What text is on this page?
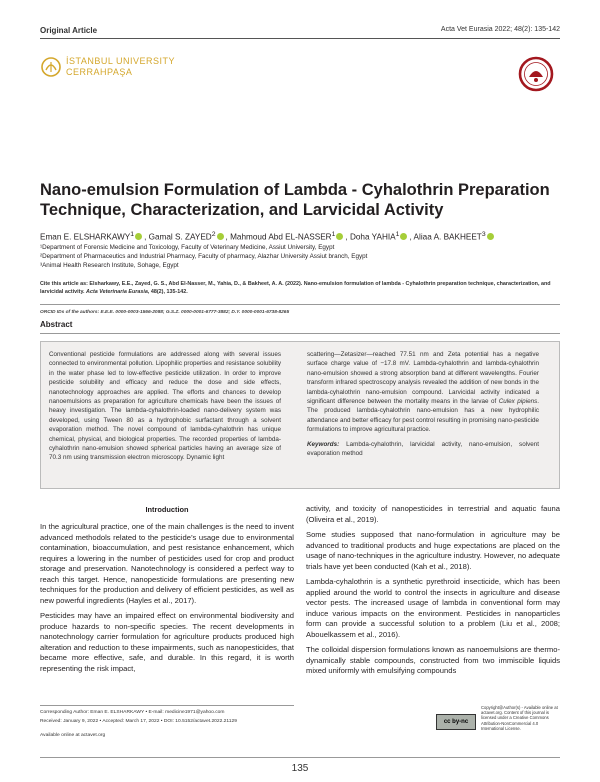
Original Article	Acta Vet Eurasia 2022; 48(2): 135-142
İSTANBUL UNIVERSITY
CERRAHPAŞA
Nano-emulsion Formulation of Lambda - Cyhalothrin Preparation Technique, Characterization, and Larvicidal Activity
Eman E. ELSHARKAWY$^1$ , Gamal S. ZAYED$^2$ , Mahmoud Abd EL-NASSER$^1$ , Doha YAHIA$^1$ , Aliaa A. BAKHEET$^3$
¹Department of Forensic Medicine and Toxicology, Faculty of Veterinary Medicine, Assiut University, Egypt
²Department of Pharmaceutics and Industrial Pharmacy, Faculty of pharmacy, Alazhar University Assiut branch, Egypt
³Animal Health Research Institute, Sohage, Egypt
Cite this article as: Elsharkawy, E.E., Zayed, G. S., Abd El-Nasser, M., Yahia, D., & Bakheet, A. A. (2022). Nano-emulsion formulation of lambda - Cyhalothrin preparation technique, characterization, and larvicidal activity. Acta Veterinaria Eurasia, 48(2), 135-142.
ORCID IDs of the authors: E.E.E. 0000-0003-1566-2088; G.S.Z. 0000-0001-6777-3882; D.Y. 0000-0001-6738-8265
Abstract
Conventional pesticide formulations are addressed along with several issues connected to environmental pollution. Lipophilic properties and resistance solubility in the water phase led to low-effective pesticide utilization. In order to improve pesticide solubility and efficacy and reduce the dose and side effects, nanotechnology approaches are applied. The efforts and chances to develop nanoemulsions as preparation for agriculture chemicals have been the issues of heavy investigation. The lambda-cyhalothrin-loaded nano-delivery system was developed, using Tween 80 as a hydrophobic surfactant through a solvent evaporation method. The novel compound of lambda-cyhalothrin has unique chemical, physical, and biological properties. The recorded properties of lambda-cyhalothrin nano-emulsion showed spherical particles having an average size of 70.3 nm using transmission electron microscopy. Dynamic light
scattering—Zetasizer—reached 77.51 nm and Zeta potential has a negative surface charge value of −17.8 mV. Lambda-cyhalothrin and lambda-cyhalothrin nano-emulsion showed a strong absorption band at different wavelengths. Fourier transform infrared spectroscopy analysis revealed the addition of new bonds in the lambda-cyhalothrin nano-emulsion compound. Larvicidal activity indicated a significant difference between the mortality means in the larvae of Culex pipiens. The produced lambda-cyhalothrin nano-emulsion has a new hydrophilic attendance and better efficacy for pest control resulting in promising nano-pesticide formulations to improve agricultural practice.
Keywords: Lambda-cyhalothrin, larvicidal activity, nano-emulsion, solvent evaporation method
Introduction

In the agricultural practice, one of the main challenges is the need to invent advanced methodols related to the pesticide’s usage due to environmental contamination, bioaccumulation, and pest resistance enhancement, which requires a lowering in the number of pesticides used for crop and product storage and preservation. Nanotechnology is considered a perfect way to reach this target. Hence, nanopesticide formulations are presenting new techniques for the production and delivery of efficient pesticides, as well as new powerful ingredients (Hayles et al., 2017).

Pesticides may have an impaired effect on environmental biodiversity and produce hazards to non-specific species. The recent developments in nanotechnology carrier formulation for agriculture products produced high alteration and reduction to these impairments, such as nanopesticides, that became more effective, safe, and durable. In this regard, it is worth representing the risk impact,

activity, and toxicity of nanopesticides in terrestrial and aquatic fauna (Oliveira et al., 2019).

Some studies supposed that nano-formulation in agriculture may be advanced to traditional products and huge expectations are placed on the usage of nano-techniques in the agriculture industry. However, no adequate trials have yet been conducted (Kah et al., 2018).

Lambda-cyhalothrin is a synthetic pyrethroid insecticide, which has been applied around the world to control the insects in agriculture and disease vector pests. The increased usage of lambda in conventional form may induce various impacts on the environment. Pesticides in nanoparticles form can provide a successful solution to a problem (Liu et al., 2008; Abouelkassem et al., 2016).

The colloidal dispersion formulations known as nanoemulsions are thermo-dynamically stable compounds, constructed from two immiscible liquids mixed uniformly with emulsifying compounds

Corresponding Author: Eman E. ELSHARKAWY • E-mail: medicine1971@yahoo.com
Received: January 9, 2022 • Accepted: March 17, 2022 • DOI: 10.5152/actavet.2022.21129
Available online at actavet.org
cc by-nc
Copyright@Author(s) - Available online at actavet.org. Content of this journal is licensed under a Creative Commons Attribution-NonCommercial 4.0 International License.
135
